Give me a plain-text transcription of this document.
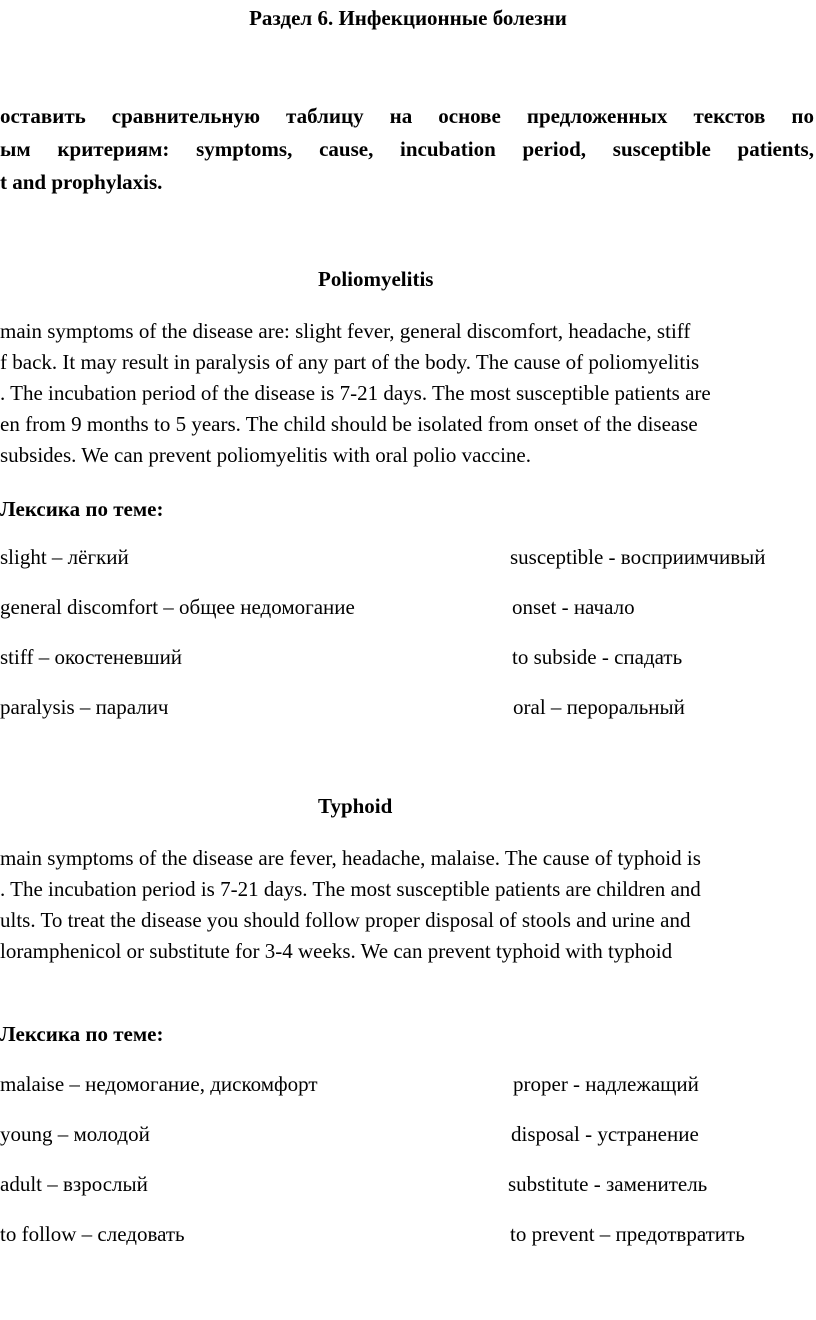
Раздел 6. Инфекционные болезни
оставить сравнительную таблицу на основе предложенных текстов по
ым критериям: symptoms, cause, incubation period, susceptible patients,
t and prophylaxis.
Poliomyelitis
main symptoms of the disease are: slight fever, general discomfort, headache, stiff
f back. It may result in paralysis of any part of the body. The cause of poliomyelitis
. The incubation period of the disease is 7-21 days. The most susceptible patients are
en from 9 months to 5 years. The child should be isolated from onset of the disease
subsides. We can prevent poliomyelitis with oral polio vaccine.
Лексика по теме:
slight – лёгкий	susceptible - восприимчивый
general discomfort – общее недомогание	onset - начало
stiff – окостеневший	to subside - спадать
paralysis – паралич	oral – пероральный
Typhoid
main symptoms of the disease are fever, headache, malaise. The cause of typhoid is
. The incubation period is 7-21 days. The most susceptible patients are children and
ults. To treat the disease you should follow proper disposal of stools and urine and
loramphenicol or substitute for 3-4 weeks. We can prevent typhoid with typhoid
Лексика по теме:
malaise – недомогание, дискомфорт	proper - надлежащий
young – молодой	disposal - устранение
adult – взрослый	substitute - заменитель
to follow – следовать	to prevent – предотвратить
